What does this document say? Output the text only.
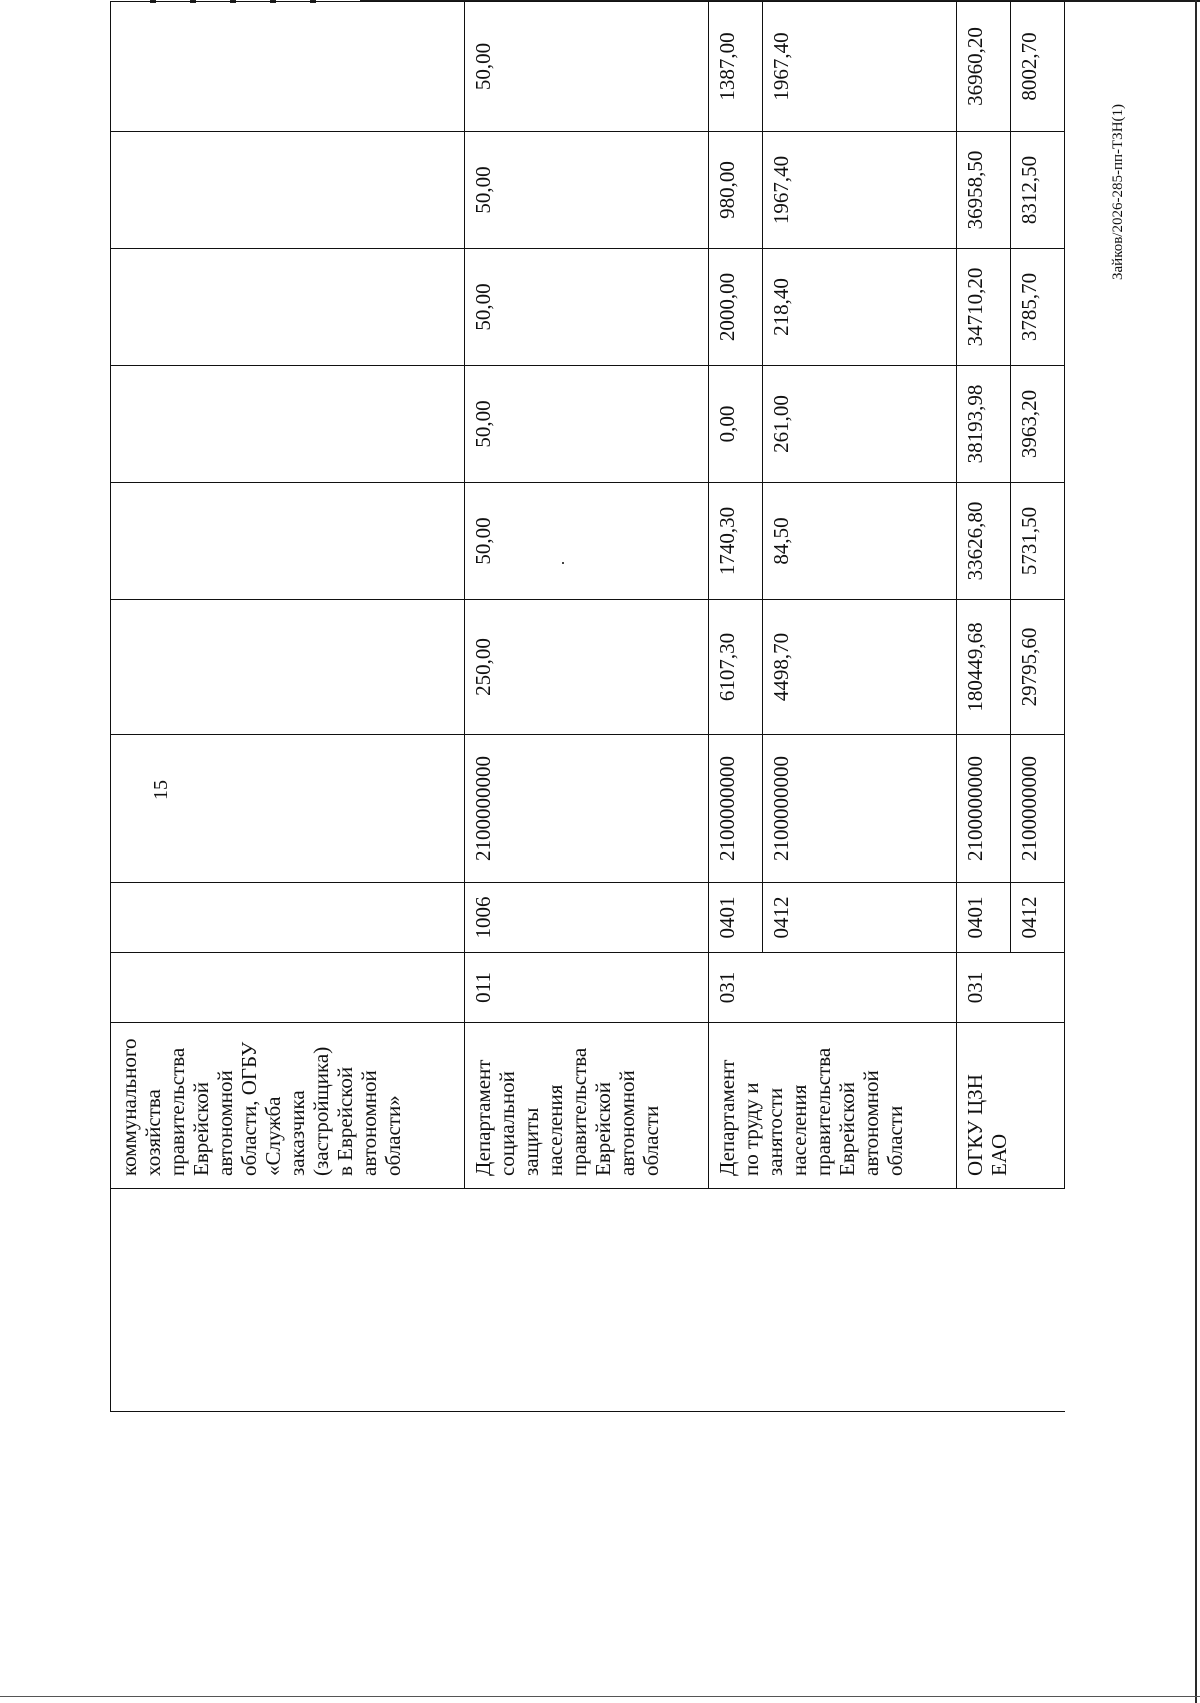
15
	коммунального хозяйства правительства Еврейской автономной области, ОГБУ «Служба заказчика (застройщика) в Еврейской автономной области»									
	Департамент социальной защиты населения правительства Еврейской автономной области	011	1006	2100000000	250,00	50,00	50,00	50,00	50,00	50,00
	Департамент по труду и занятости населения правительства Еврейской автономной области	031	0401	2100000000	6107,30	1740,30	0,00	2000,00	980,00	1387,00
			0412	2100000000	4498,70	84,50	261,00	218,40	1967,40	1967,40
	ОГКУ ЦЗН ЕАО	031	0401	2100000000	180449,68	33626,80	38193,98	34710,20	36958,50	36960,20
			0412	2100000000	29795,60	5731,50	3963,20	3785,70	8312,50	8002,70
Зайков/2026-285-пп-ТЗН(1)
